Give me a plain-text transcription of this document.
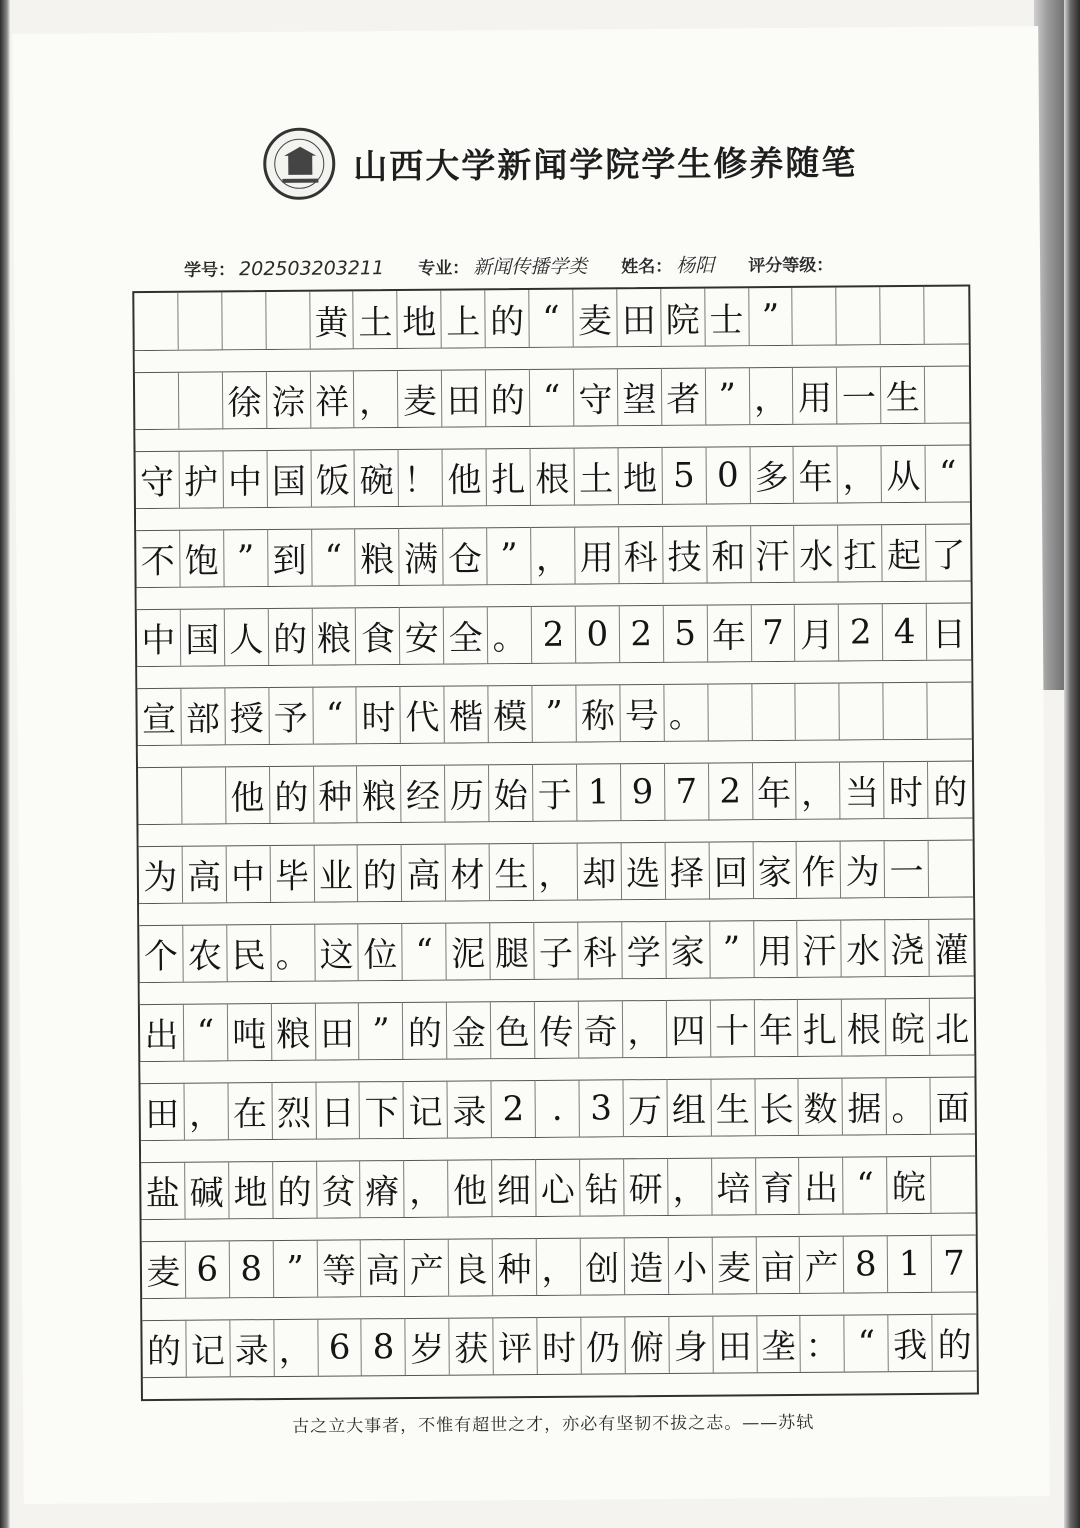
山西大学新闻学院学生修养随笔
学号： 202503203211 专业： 新闻传播学类 姓名： 杨阳 评分等级：
黄 土 地 上 的 “ 麦 田 院 士 ”
徐 淙 祥 ， 麦 田 的 “ 守 望 者 ” ， 用 一 生
守 护 中 国 饭 碗 ！ 他 扎 根 土 地 5 0 多 年 ， 从 “
不 饱 ” 到 “ 粮 满 仓 ” ， 用 科 技 和 汗 水 扛 起 了
中 国 人 的 粮 食 安 全 。 2 0 2 5 年 7 月 2 4 日
宣 部 授 予 “ 时 代 楷 模 ” 称 号 。
他 的 种 粮 经 历 始 于 1 9 7 2 年 ， 当 时 的
为 高 中 毕 业 的 高 材 生 ， 却 选 择 回 家 作 为 一
个 农 民 。 这 位 “ 泥 腿 子 科 学 家 ” 用 汗 水 浇 灌
出 “ 吨 粮 田 ” 的 金 色 传 奇 ， 四 十 年 扎 根 皖 北
田 ， 在 烈 日 下 记 录 2 . 3 万 组 生 长 数 据 。 面
盐 碱 地 的 贫 瘠 ， 他 细 心 钻 研 ， 培 育 出 “ 皖
麦 6 8 ” 等 高 产 良 种 ， 创 造 小 麦 亩 产 8 1 7
的 记 录 ， 6 8 岁 获 评 时 仍 俯 身 田 垄 ： “ 我 的
古之立大事者，不惟有超世之才，亦必有坚韧不拔之志。——苏轼
